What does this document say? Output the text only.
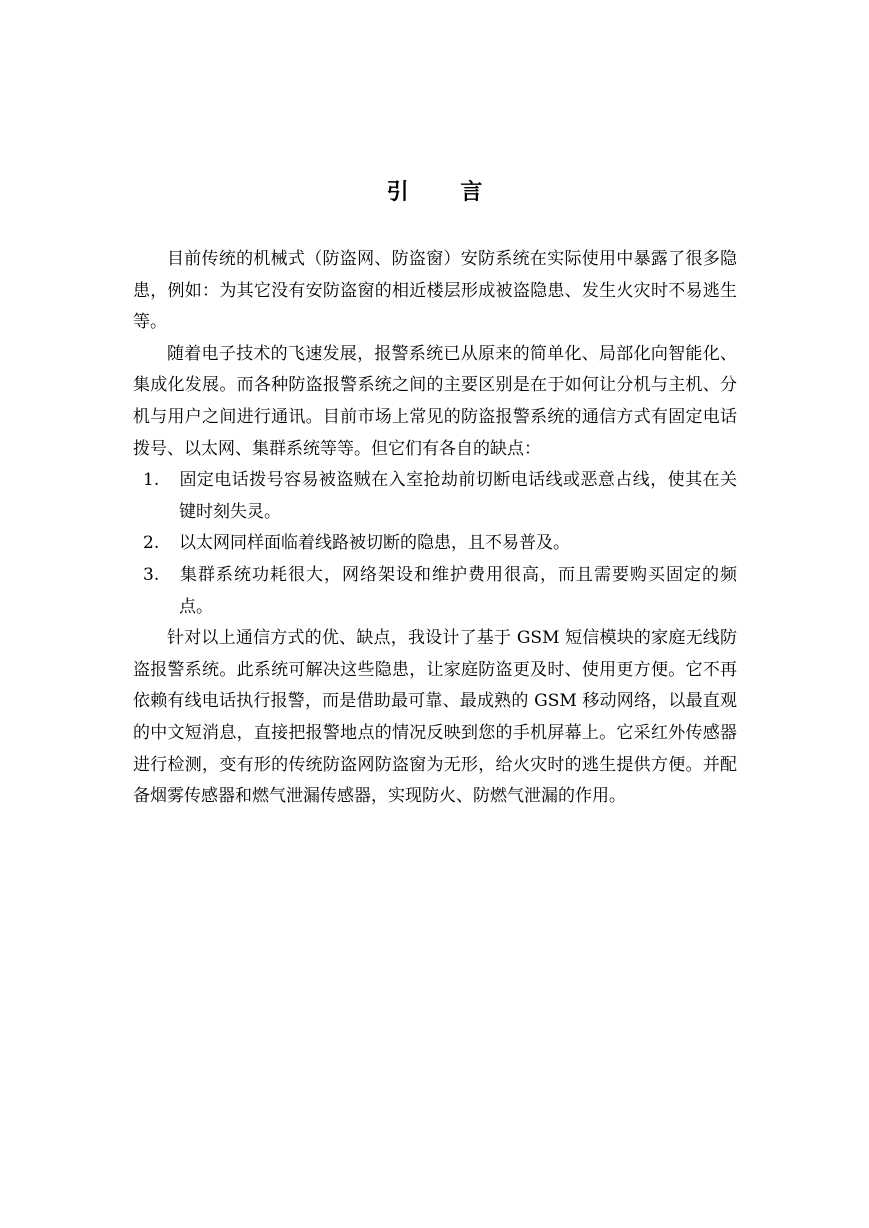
引 言

目前传统的机械式（防盗网、防盗窗）安防系统在实际使用中暴露了很多隐患，例如：为其它没有安防盗窗的相近楼层形成被盗隐患、发生火灾时不易逃生等。

随着电子技术的飞速发展，报警系统已从原来的简单化、局部化向智能化、集成化发展。而各种防盗报警系统之间的主要区别是在于如何让分机与主机、分机与用户之间进行通讯。目前市场上常见的防盗报警系统的通信方式有固定电话拨号、以太网、集群系统等等。但它们有各自的缺点：

1. 固定电话拨号容易被盗贼在入室抢劫前切断电话线或恶意占线，使其在关键时刻失灵。

2. 以太网同样面临着线路被切断的隐患，且不易普及。

3. 集群系统功耗很大，网络架设和维护费用很高，而且需要购买固定的频点。

针对以上通信方式的优、缺点，我设计了基于 GSM 短信模块的家庭无线防盗报警系统。此系统可解决这些隐患，让家庭防盗更及时、使用更方便。它不再依赖有线电话执行报警，而是借助最可靠、最成熟的 GSM 移动网络，以最直观的中文短消息，直接把报警地点的情况反映到您的手机屏幕上。它采红外传感器进行检测，变有形的传统防盗网防盗窗为无形，给火灾时的逃生提供方便。并配备烟雾传感器和燃气泄漏传感器，实现防火、防燃气泄漏的作用。
